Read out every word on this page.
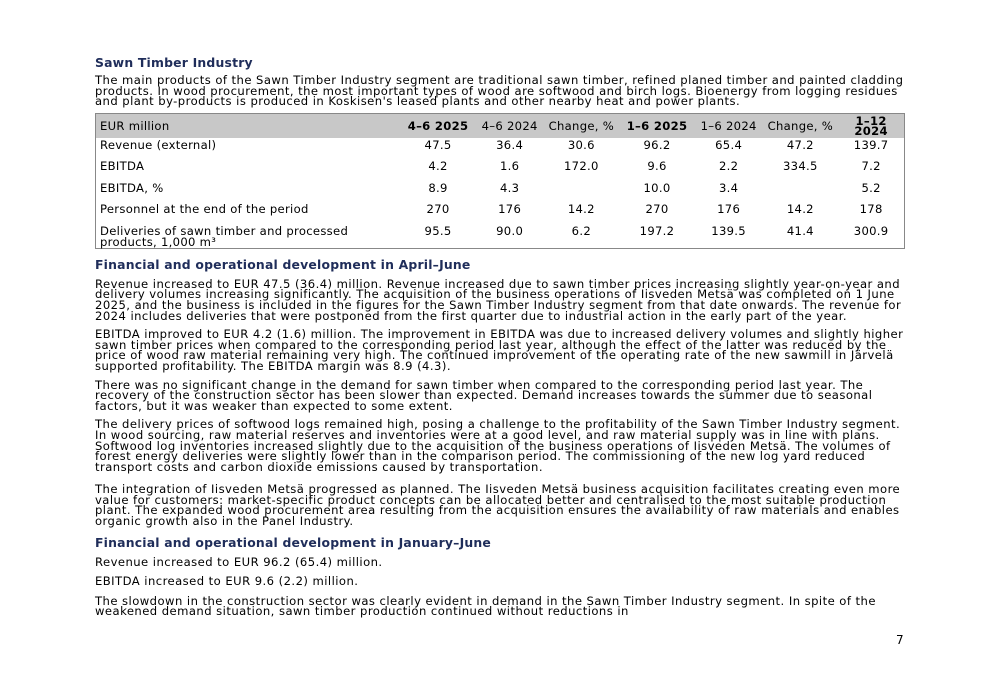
Sawn Timber Industry

The main products of the Sawn Timber Industry segment are traditional sawn timber, refined planed timber and painted cladding products. In wood procurement, the most important types of wood are softwood and birch logs. Bioenergy from logging residues and plant by-products is produced in Koskisen's leased plants and other nearby heat and power plants.

EUR million	4–6 2025	4–6 2024	Change, %	1–6 2025	1–6 2024	Change, %	1–12 2024
Revenue (external)	47.5	36.4	30.6	96.2	65.4	47.2	139.7
EBITDA	4.2	1.6	172.0	9.6	2.2	334.5	7.2
EBITDA, %	8.9	4.3		10.0	3.4		5.2
Personnel at the end of the period	270	176	14.2	270	176	14.2	178
Deliveries of sawn timber and processed products, 1,000 m³	95.5	90.0	6.2	197.2	139.5	41.4	300.9
Financial and operational development in April–June

Revenue increased to EUR 47.5 (36.4) million. Revenue increased due to sawn timber prices increasing slightly year-on-year and delivery volumes increasing significantly. The acquisition of the business operations of Iisveden Metsä was completed on 1 June 2025, and the business is included in the figures for the Sawn Timber Industry segment from that date onwards. The revenue for 2024 includes deliveries that were postponed from the first quarter due to industrial action in the early part of the year.

EBITDA improved to EUR 4.2 (1.6) million. The improvement in EBITDA was due to increased delivery volumes and slightly higher sawn timber prices when compared to the corresponding period last year, although the effect of the latter was reduced by the price of wood raw material remaining very high. The continued improvement of the operating rate of the new sawmill in Järvelä supported profitability. The EBITDA margin was 8.9 (4.3).

There was no significant change in the demand for sawn timber when compared to the corresponding period last year. The recovery of the construction sector has been slower than expected. Demand increases towards the summer due to seasonal factors, but it was weaker than expected to some extent.

The delivery prices of softwood logs remained high, posing a challenge to the profitability of the Sawn Timber Industry segment. In wood sourcing, raw material reserves and inventories were at a good level, and raw material supply was in line with plans. Softwood log inventories increased slightly due to the acquisition of the business operations of Iisveden Metsä. The volumes of forest energy deliveries were slightly lower than in the comparison period. The commissioning of the new log yard reduced transport costs and carbon dioxide emissions caused by transportation.

The integration of Iisveden Metsä progressed as planned. The Iisveden Metsä business acquisition facilitates creating even more value for customers: market-specific product concepts can be allocated better and centralised to the most suitable production plant. The expanded wood procurement area resulting from the acquisition ensures the availability of raw materials and enables organic growth also in the Panel Industry.

Financial and operational development in January–June

Revenue increased to EUR 96.2 (65.4) million.

EBITDA increased to EUR 9.6 (2.2) million.

The slowdown in the construction sector was clearly evident in demand in the Sawn Timber Industry segment. In spite of the weakened demand situation, sawn timber production continued without reductions in

7
